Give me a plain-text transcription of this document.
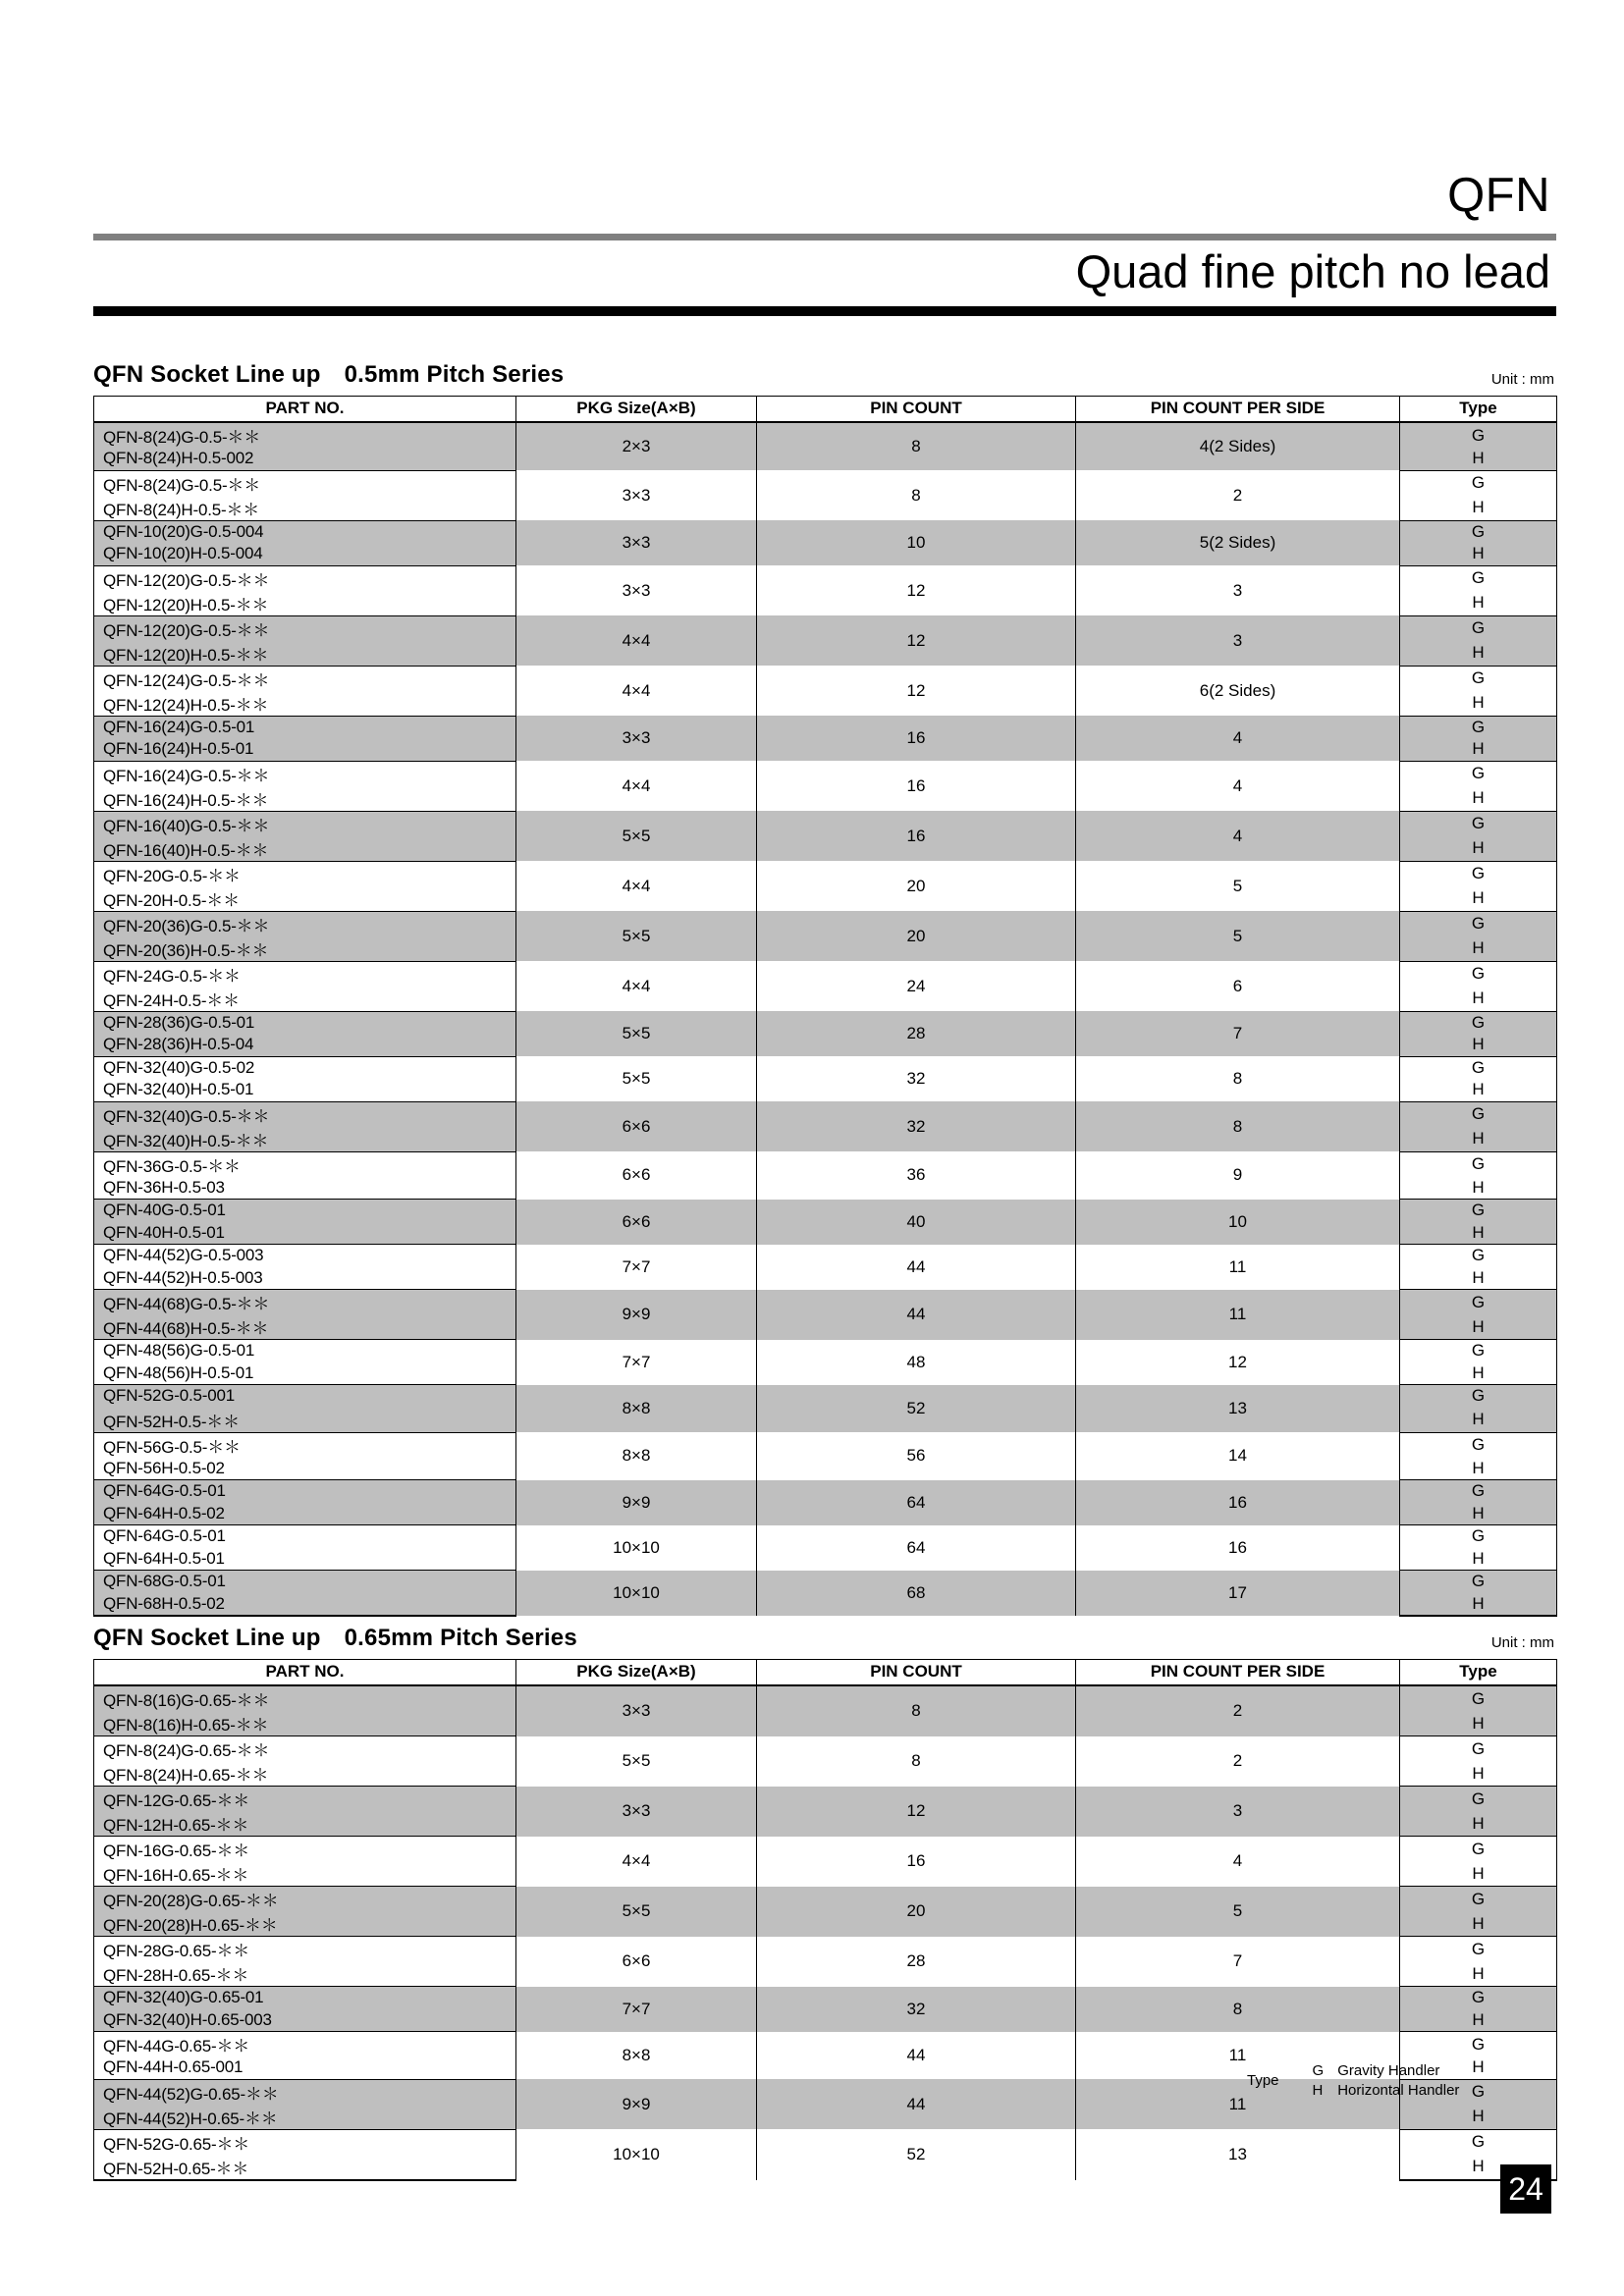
QFN
Quad fine pitch no lead
QFN Socket Line up 0.5mm Pitch Series	Unit : mm
PART NO.	PKG Size(A×B)	PIN COUNT	PIN COUNT PER SIDE	Type
QFN-8(24)G-0.5-＊＊	2×3	8	4(2 Sides)	G
QFN-8(24)H-0.5-002				H
QFN-8(24)G-0.5-＊＊	3×3	8	2	G
QFN-8(24)H-0.5-＊＊				H
QFN-10(20)G-0.5-004	3×3	10	5(2 Sides)	G
QFN-10(20)H-0.5-004				H
QFN-12(20)G-0.5-＊＊	3×3	12	3	G
QFN-12(20)H-0.5-＊＊				H
QFN-12(20)G-0.5-＊＊	4×4	12	3	G
QFN-12(20)H-0.5-＊＊				H
QFN-12(24)G-0.5-＊＊	4×4	12	6(2 Sides)	G
QFN-12(24)H-0.5-＊＊				H
QFN-16(24)G-0.5-01	3×3	16	4	G
QFN-16(24)H-0.5-01				H
QFN-16(24)G-0.5-＊＊	4×4	16	4	G
QFN-16(24)H-0.5-＊＊				H
QFN-16(40)G-0.5-＊＊	5×5	16	4	G
QFN-16(40)H-0.5-＊＊				H
QFN-20G-0.5-＊＊	4×4	20	5	G
QFN-20H-0.5-＊＊				H
QFN-20(36)G-0.5-＊＊	5×5	20	5	G
QFN-20(36)H-0.5-＊＊				H
QFN-24G-0.5-＊＊	4×4	24	6	G
QFN-24H-0.5-＊＊				H
QFN-28(36)G-0.5-01	5×5	28	7	G
QFN-28(36)H-0.5-04				H
QFN-32(40)G-0.5-02	5×5	32	8	G
QFN-32(40)H-0.5-01				H
QFN-32(40)G-0.5-＊＊	6×6	32	8	G
QFN-32(40)H-0.5-＊＊				H
QFN-36G-0.5-＊＊	6×6	36	9	G
QFN-36H-0.5-03				H
QFN-40G-0.5-01	6×6	40	10	G
QFN-40H-0.5-01				H
QFN-44(52)G-0.5-003	7×7	44	11	G
QFN-44(52)H-0.5-003				H
QFN-44(68)G-0.5-＊＊	9×9	44	11	G
QFN-44(68)H-0.5-＊＊				H
QFN-48(56)G-0.5-01	7×7	48	12	G
QFN-48(56)H-0.5-01				H
QFN-52G-0.5-001	8×8	52	13	G
QFN-52H-0.5-＊＊				H
QFN-56G-0.5-＊＊	8×8	56	14	G
QFN-56H-0.5-02				H
QFN-64G-0.5-01	9×9	64	16	G
QFN-64H-0.5-02				H
QFN-64G-0.5-01	10×10	64	16	G
QFN-64H-0.5-01				H
QFN-68G-0.5-01	10×10	68	17	G
QFN-68H-0.5-02				H
QFN Socket Line up 0.65mm Pitch Series	Unit : mm
PART NO.	PKG Size(A×B)	PIN COUNT	PIN COUNT PER SIDE	Type
QFN-8(16)G-0.65-＊＊	3×3	8	2	G
QFN-8(16)H-0.65-＊＊				H
QFN-8(24)G-0.65-＊＊	5×5	8	2	G
QFN-8(24)H-0.65-＊＊				H
QFN-12G-0.65-＊＊	3×3	12	3	G
QFN-12H-0.65-＊＊				H
QFN-16G-0.65-＊＊	4×4	16	4	G
QFN-16H-0.65-＊＊				H
QFN-20(28)G-0.65-＊＊	5×5	20	5	G
QFN-20(28)H-0.65-＊＊				H
QFN-28G-0.65-＊＊	6×6	28	7	G
QFN-28H-0.65-＊＊				H
QFN-32(40)G-0.65-01	7×7	32	8	G
QFN-32(40)H-0.65-003				H
QFN-44G-0.65-＊＊	8×8	44	11	G
QFN-44H-0.65-001				H
QFN-44(52)G-0.65-＊＊	9×9	44	11	G
QFN-44(52)H-0.65-＊＊				H
QFN-52G-0.65-＊＊	10×10	52	13	G
QFN-52H-0.65-＊＊				H
Type	G	Gravity Handler
	H	Horizontal Handler
24
